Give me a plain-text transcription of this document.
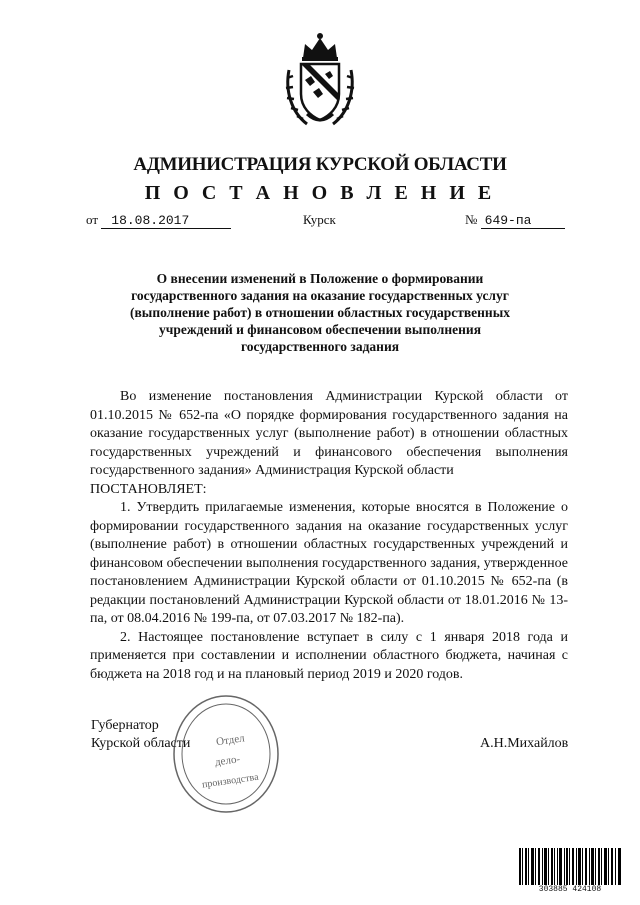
АДМИНИСТРАЦИЯ КУРСКОЙ ОБЛАСТИ
П О С Т А Н О В Л Е Н И Е
от 18.08.2017	Курск	№ 649-па
О внесении изменений в Положение о формировании государственного задания на оказание государственных услуг (выполнение работ) в отношении областных государственных учреждений и финансовом обеспечении выполнения государственного задания

Во изменение постановления Администрации Курской области от 01.10.2015 № 652-па «О порядке формирования государственного задания на оказание государственных услуг (выполнение работ) в отношении областных государственных учреждений и финансового обеспечения выполнения государственного задания» Администрация Курской области

ПОСТАНОВЛЯЕТ:

1. Утвердить прилагаемые изменения, которые вносятся в Положение о формировании государственного задания на оказание государственных услуг (выполнение работ) в отношении областных государственных учреждений и финансовом обеспечении выполнения государственного задания, утвержденное постановлением Администрации Курской области от 01.10.2015 № 652-па (в редакции постановлений Администрации Курской области от 18.01.2016 № 13-па, от 08.04.2016 № 199-па, от 07.03.2017 № 182-па).

2. Настоящее постановление вступает в силу с 1 января 2018 года и применяется при составлении и исполнении областного бюджета, начиная с бюджета на 2018 год и на плановый период 2019 и 2020 годов.

Губернатор
Курской области	А.Н.Михайлов
Отдел
дело-
производства
303885 424108
